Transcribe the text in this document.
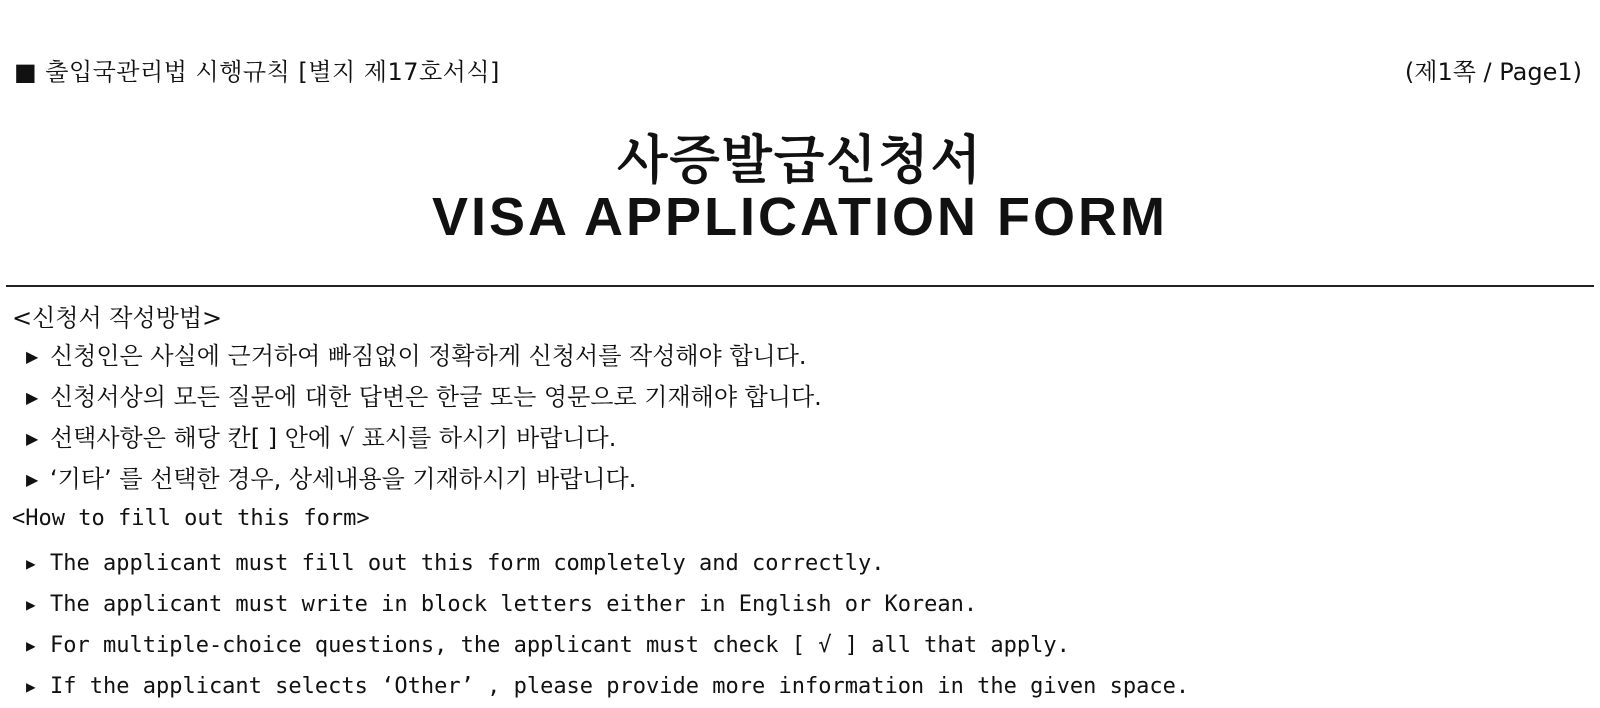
■ 출입국관리법 시행규칙 [별지 제17호서식]	(제1쪽 / Page1)
사증발급신청서
VISA APPLICATION FORM
<신청서 작성방법>
▶ 신청인은 사실에 근거하여 빠짐없이 정확하게 신청서를 작성해야 합니다.
▶ 신청서상의 모든 질문에 대한 답변은 한글 또는 영문으로 기재해야 합니다.
▶ 선택사항은 해당 칸[ ] 안에 √ 표시를 하시기 바랍니다.
▶ ‘기타’ 를 선택한 경우, 상세내용을 기재하시기 바랍니다.
<How to fill out this form>
▶ The applicant must fill out this form completely and correctly.
▶ The applicant must write in block letters either in English or Korean.
▶ For multiple-choice questions, the applicant must check [ √ ] all that apply.
▶ If the applicant selects ‘Other’ , please provide more information in the given space.
